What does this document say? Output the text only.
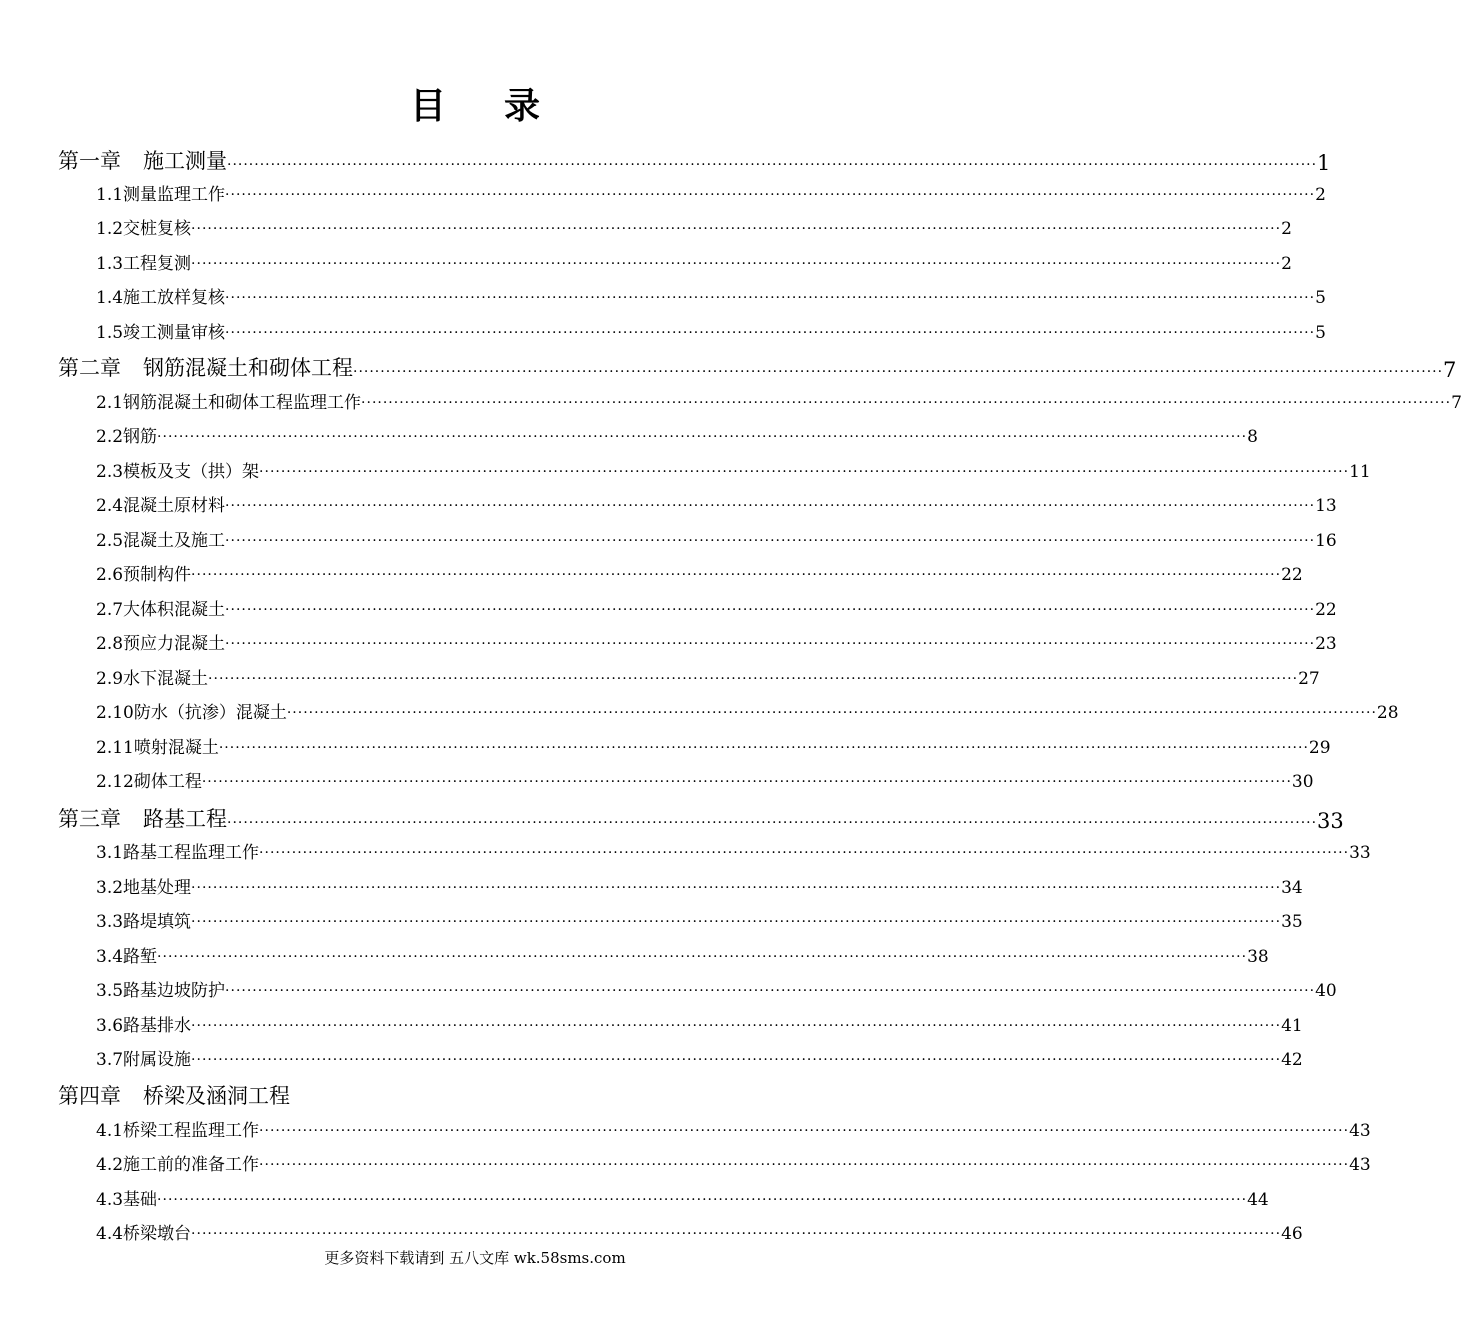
目 录
第一章 施工测量 ········································································································································································································ 1
1.1测量监理工作 ········································································································································································································ 2
1.2交桩复核 ········································································································································································································ 2
1.3工程复测 ········································································································································································································ 2
1.4施工放样复核 ········································································································································································································ 5
1.5竣工测量审核 ········································································································································································································ 5
第二章 钢筋混凝土和砌体工程 ········································································································································································································ 7
2.1钢筋混凝土和砌体工程监理工作 ········································································································································································································ 7
2.2钢筋 ········································································································································································································ 8
2.3模板及支（拱）架 ········································································································································································································ 11
2.4混凝土原材料 ········································································································································································································ 13
2.5混凝土及施工 ········································································································································································································ 16
2.6预制构件 ········································································································································································································ 22
2.7大体积混凝土 ········································································································································································································ 22
2.8预应力混凝土 ········································································································································································································ 23
2.9水下混凝土 ········································································································································································································ 27
2.10防水（抗渗）混凝土 ········································································································································································································ 28
2.11喷射混凝土 ········································································································································································································ 29
2.12砌体工程 ········································································································································································································ 30
第三章 路基工程 ········································································································································································································ 33
3.1路基工程监理工作 ········································································································································································································ 33
3.2地基处理 ········································································································································································································ 34
3.3路堤填筑 ········································································································································································································ 35
3.4路堑 ········································································································································································································ 38
3.5路基边坡防护 ········································································································································································································ 40
3.6路基排水 ········································································································································································································ 41
3.7附属设施 ········································································································································································································ 42
第四章 桥梁及涵洞工程
4.1桥梁工程监理工作 ········································································································································································································ 43
4.2施工前的准备工作 ········································································································································································································ 43
4.3基础 ········································································································································································································ 44
4.4桥梁墩台 ········································································································································································································ 46
更多资料下载请到 五八文库 wk.58sms.com
